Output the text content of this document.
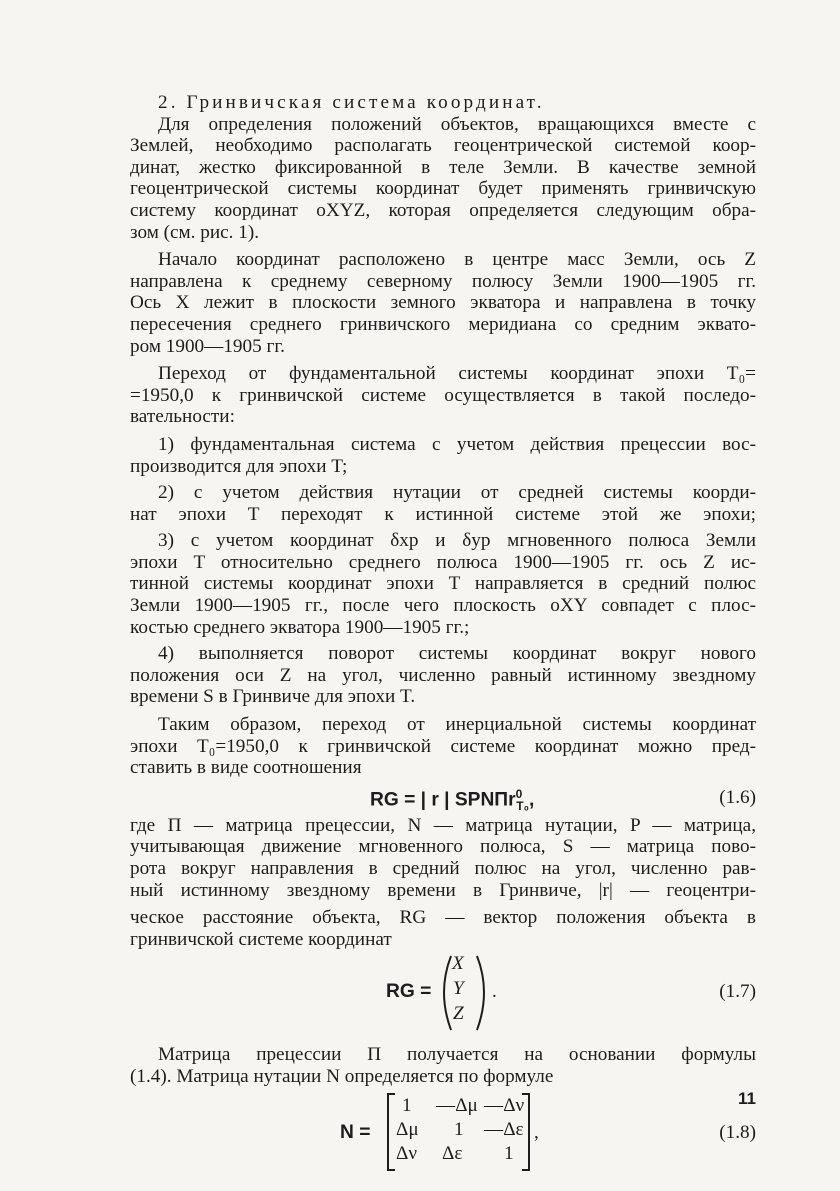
2. Гринвичская система координат.
Для определения положений объектов, вращающихся вместе с
Землей, необходимо располагать геоцентрической системой коор-
динат, жестко фиксированной в теле Земли. В качестве земной
геоцентрической системы координат будет применять гринвичскую
систему координат oXYZ, которая определяется следующим обра-
зом (см. рис. 1).
Начало координат расположено в центре масс Земли, ось Z
направлена к среднему северному полюсу Земли 1900—1905 гг.
Ось X лежит в плоскости земного экватора и направлена в точку
пересечения среднего гринвичского меридиана со средним эквато-
ром 1900—1905 гг.
Переход от фундаментальной системы координат эпохи T₀=
=1950,0 к гринвичской системе осуществляется в такой последо-
вательности:
1) фундаментальная система с учетом действия прецессии вос-
производится для эпохи T;
2) с учетом действия нутации от средней системы коорди-
нат эпохи T переходят к истинной системе этой же эпохи;
3) с учетом координат δxp и δyp мгновенного полюса Земли
эпохи T относительно среднего полюса 1900—1905 гг. ось Z ис-
тинной системы координат эпохи T направляется в средний полюс
Земли 1900—1905 гг., после чего плоскость oXY совпадет с плос-
костью среднего экватора 1900—1905 гг.;
4) выполняется поворот системы координат вокруг нового
положения оси Z на угол, численно равный истинному звездному
времени S в Гринвиче для эпохи T.
Таким образом, переход от инерциальной системы координат
эпохи T₀=1950,0 к гринвичской системе координат можно пред-
ставить в виде соотношения
RG = | r | SPNПr$^0_{T_0}$,	(1.6)
где П — матрица прецессии, N — матрица нутации, P — матрица,
учитывающая движение мгновенного полюса, S — матрица пово-
рота вокруг направления в средний полюс на угол, численно рав-
ный истинному звездному времени в Гринвиче, |r| — геоцентри-
ческое расстояние объекта, RG — вектор положения объекта в
гринвичской системе координат
RG =
X
Y
Z
.	(1.7)
Матрица прецессии П получается на основании формулы
(1.4). Матрица нутации N определяется по формуле
N =
1 —Δμ —Δν
Δμ 1 —Δε
Δν Δε 1
,	(1.8)
11
